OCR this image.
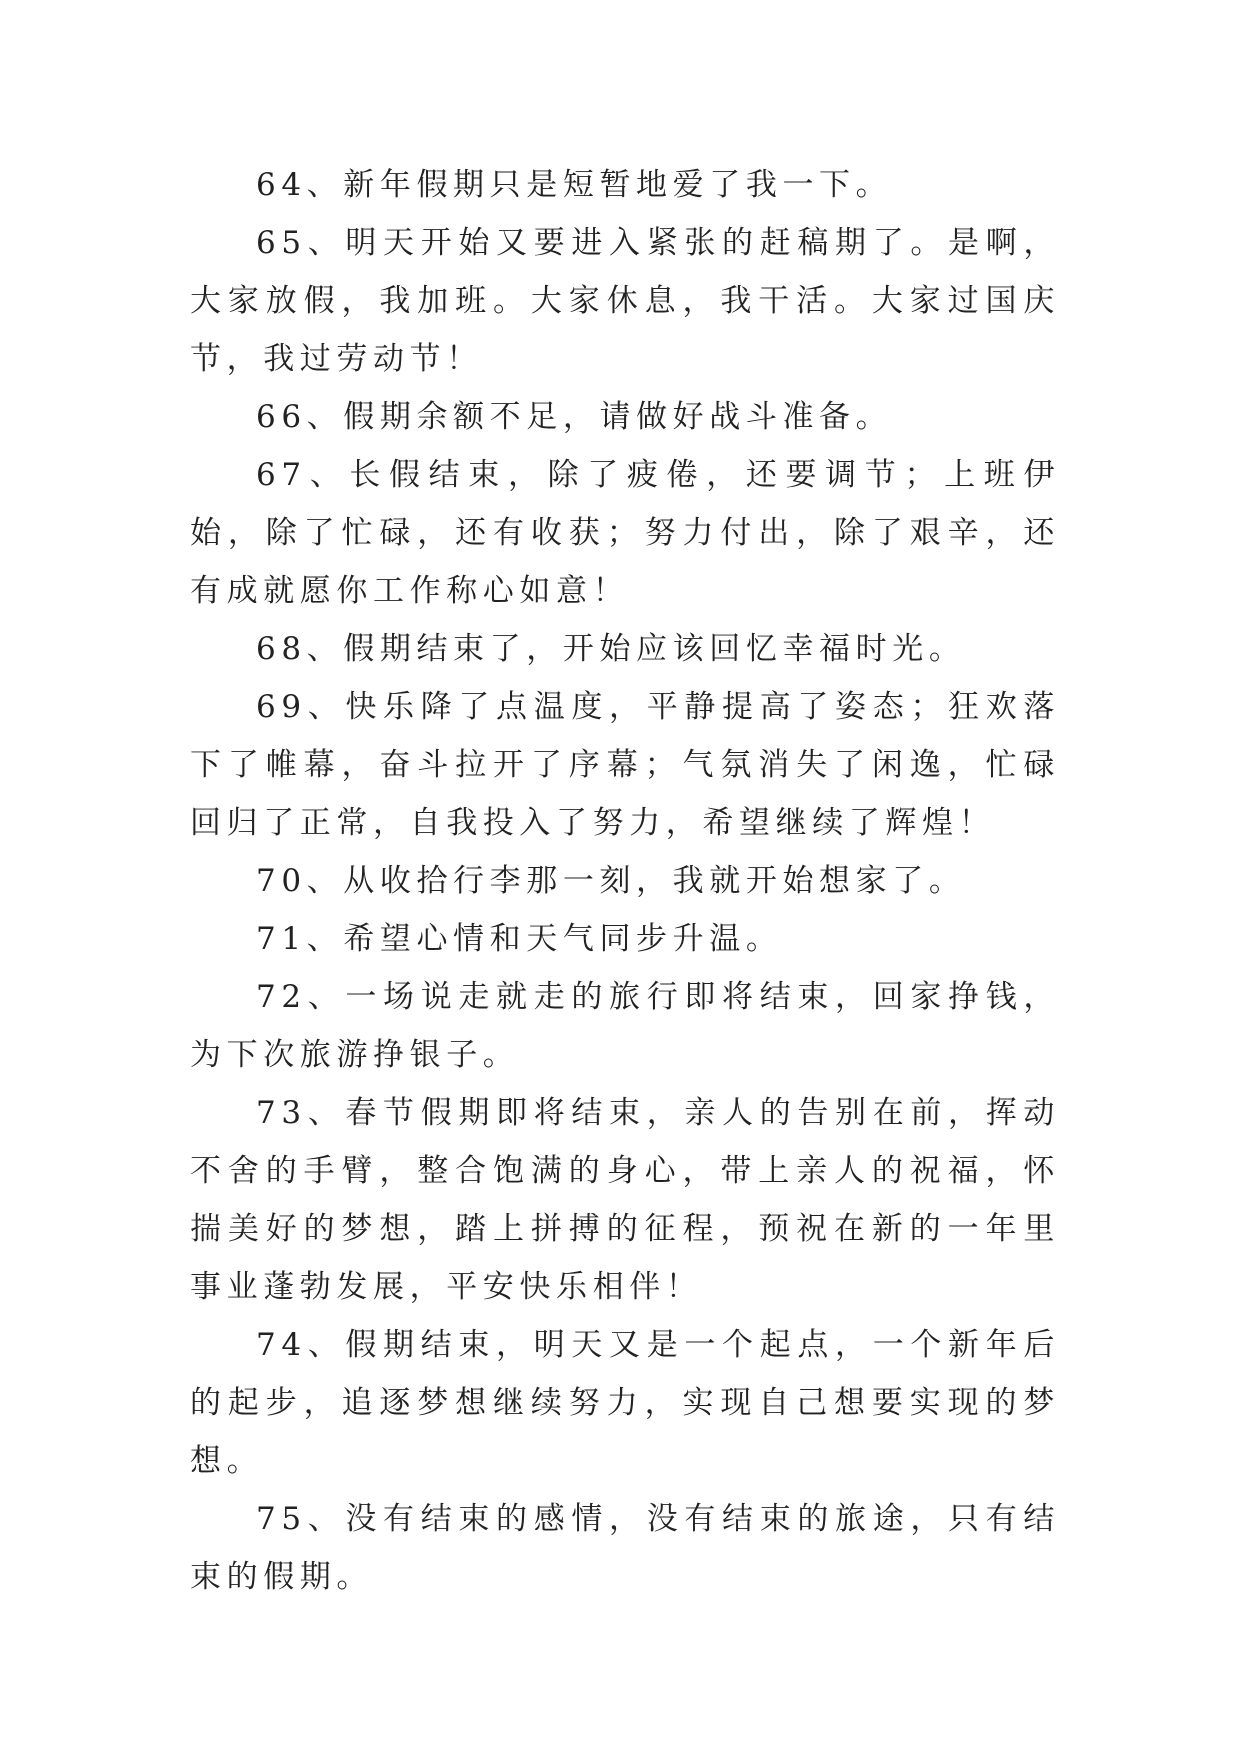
64、新年假期只是短暂地爱了我一下。

65、明天开始又要进入紧张的赶稿期了。是啊，大家放假，我加班。大家休息，我干活。大家过国庆节，我过劳动节！

66、假期余额不足，请做好战斗准备。

67、长假结束，除了疲倦，还要调节；上班伊始，除了忙碌，还有收获；努力付出，除了艰辛，还有成就愿你工作称心如意！

68、假期结束了，开始应该回忆幸福时光。

69、快乐降了点温度，平静提高了姿态；狂欢落下了帷幕，奋斗拉开了序幕；气氛消失了闲逸，忙碌回归了正常，自我投入了努力，希望继续了辉煌！

70、从收拾行李那一刻，我就开始想家了。

71、希望心情和天气同步升温。

72、一场说走就走的旅行即将结束，回家挣钱，为下次旅游挣银子。

73、春节假期即将结束，亲人的告别在前，挥动不舍的手臂，整合饱满的身心，带上亲人的祝福，怀揣美好的梦想，踏上拼搏的征程，预祝在新的一年里事业蓬勃发展，平安快乐相伴！

74、假期结束，明天又是一个起点，一个新年后的起步，追逐梦想继续努力，实现自己想要实现的梦想。

75、没有结束的感情，没有结束的旅途，只有结束的假期。
